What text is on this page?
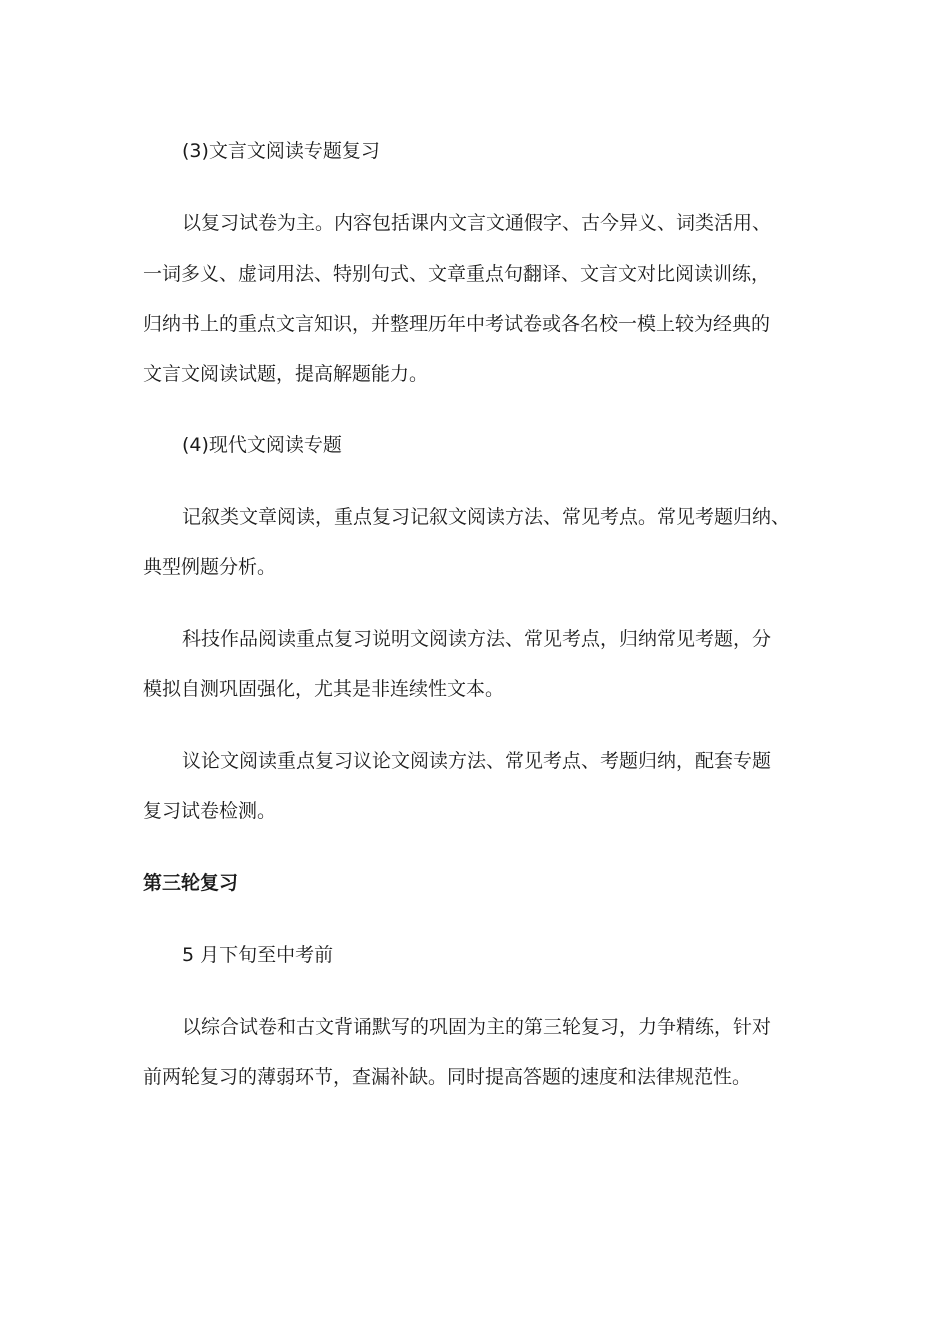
(3)文言文阅读专题复习
以复习试卷为主。内容包括课内文言文通假字、古今异义、词类活用、
一词多义、虚词用法、特别句式、文章重点句翻译、文言文对比阅读训练，
归纳书上的重点文言知识，并整理历年中考试卷或各名校一模上较为经典的
文言文阅读试题，提高解题能力。
(4)现代文阅读专题
记叙类文章阅读，重点复习记叙文阅读方法、常见考点。常见考题归纳、
典型例题分析。
科技作品阅读重点复习说明文阅读方法、常见考点，归纳常见考题，分
模拟自测巩固强化，尤其是非连续性文本。
议论文阅读重点复习议论文阅读方法、常见考点、考题归纳，配套专题
复习试卷检测。
第三轮复习
5 月下旬至中考前
以综合试卷和古文背诵默写的巩固为主的第三轮复习，力争精练，针对
前两轮复习的薄弱环节，查漏补缺。同时提高答题的速度和法律规范性。
